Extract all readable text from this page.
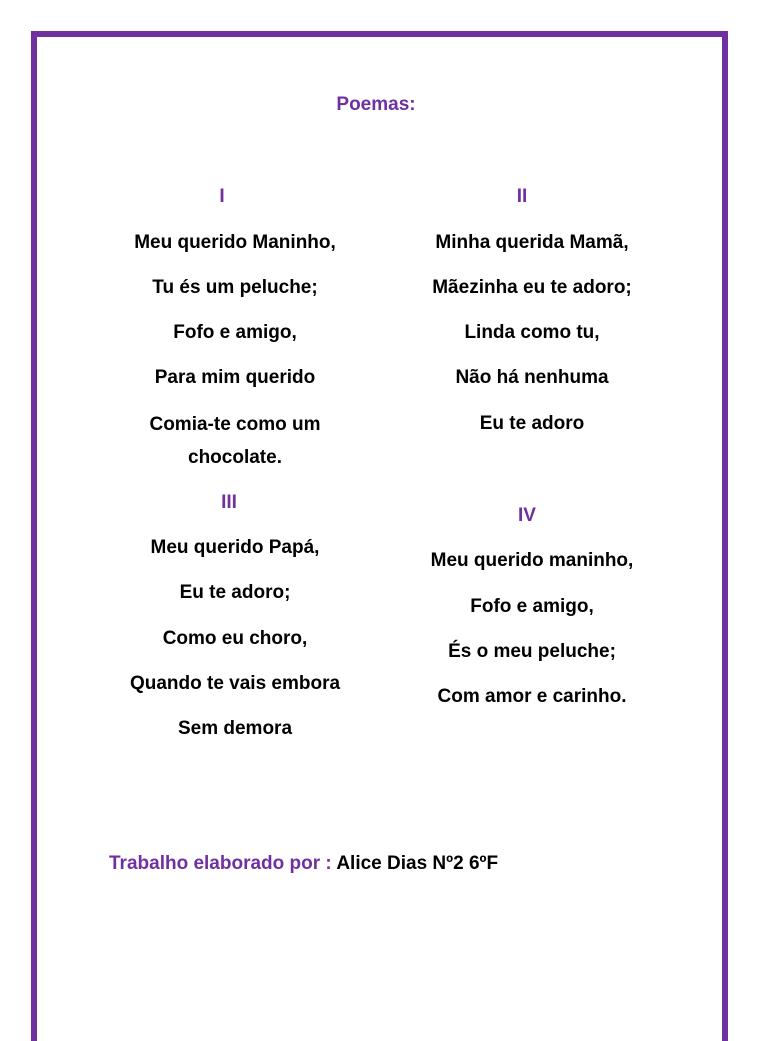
Poemas:
I
Meu querido Maninho,
Tu és um peluche;
Fofo e amigo,
Para mim querido
Comia-te como um chocolate.
II
Minha querida Mamã,
Mãezinha eu te adoro;
Linda como tu,
Não há nenhuma
Eu te adoro
III
Meu querido Papá,
Eu te adoro;
Como eu choro,
Quando te vais embora
Sem demora
IV
Meu querido maninho,
Fofo e amigo,
És o meu peluche;
Com amor e carinho.
Trabalho elaborado por : Alice Dias Nº2 6ºF
